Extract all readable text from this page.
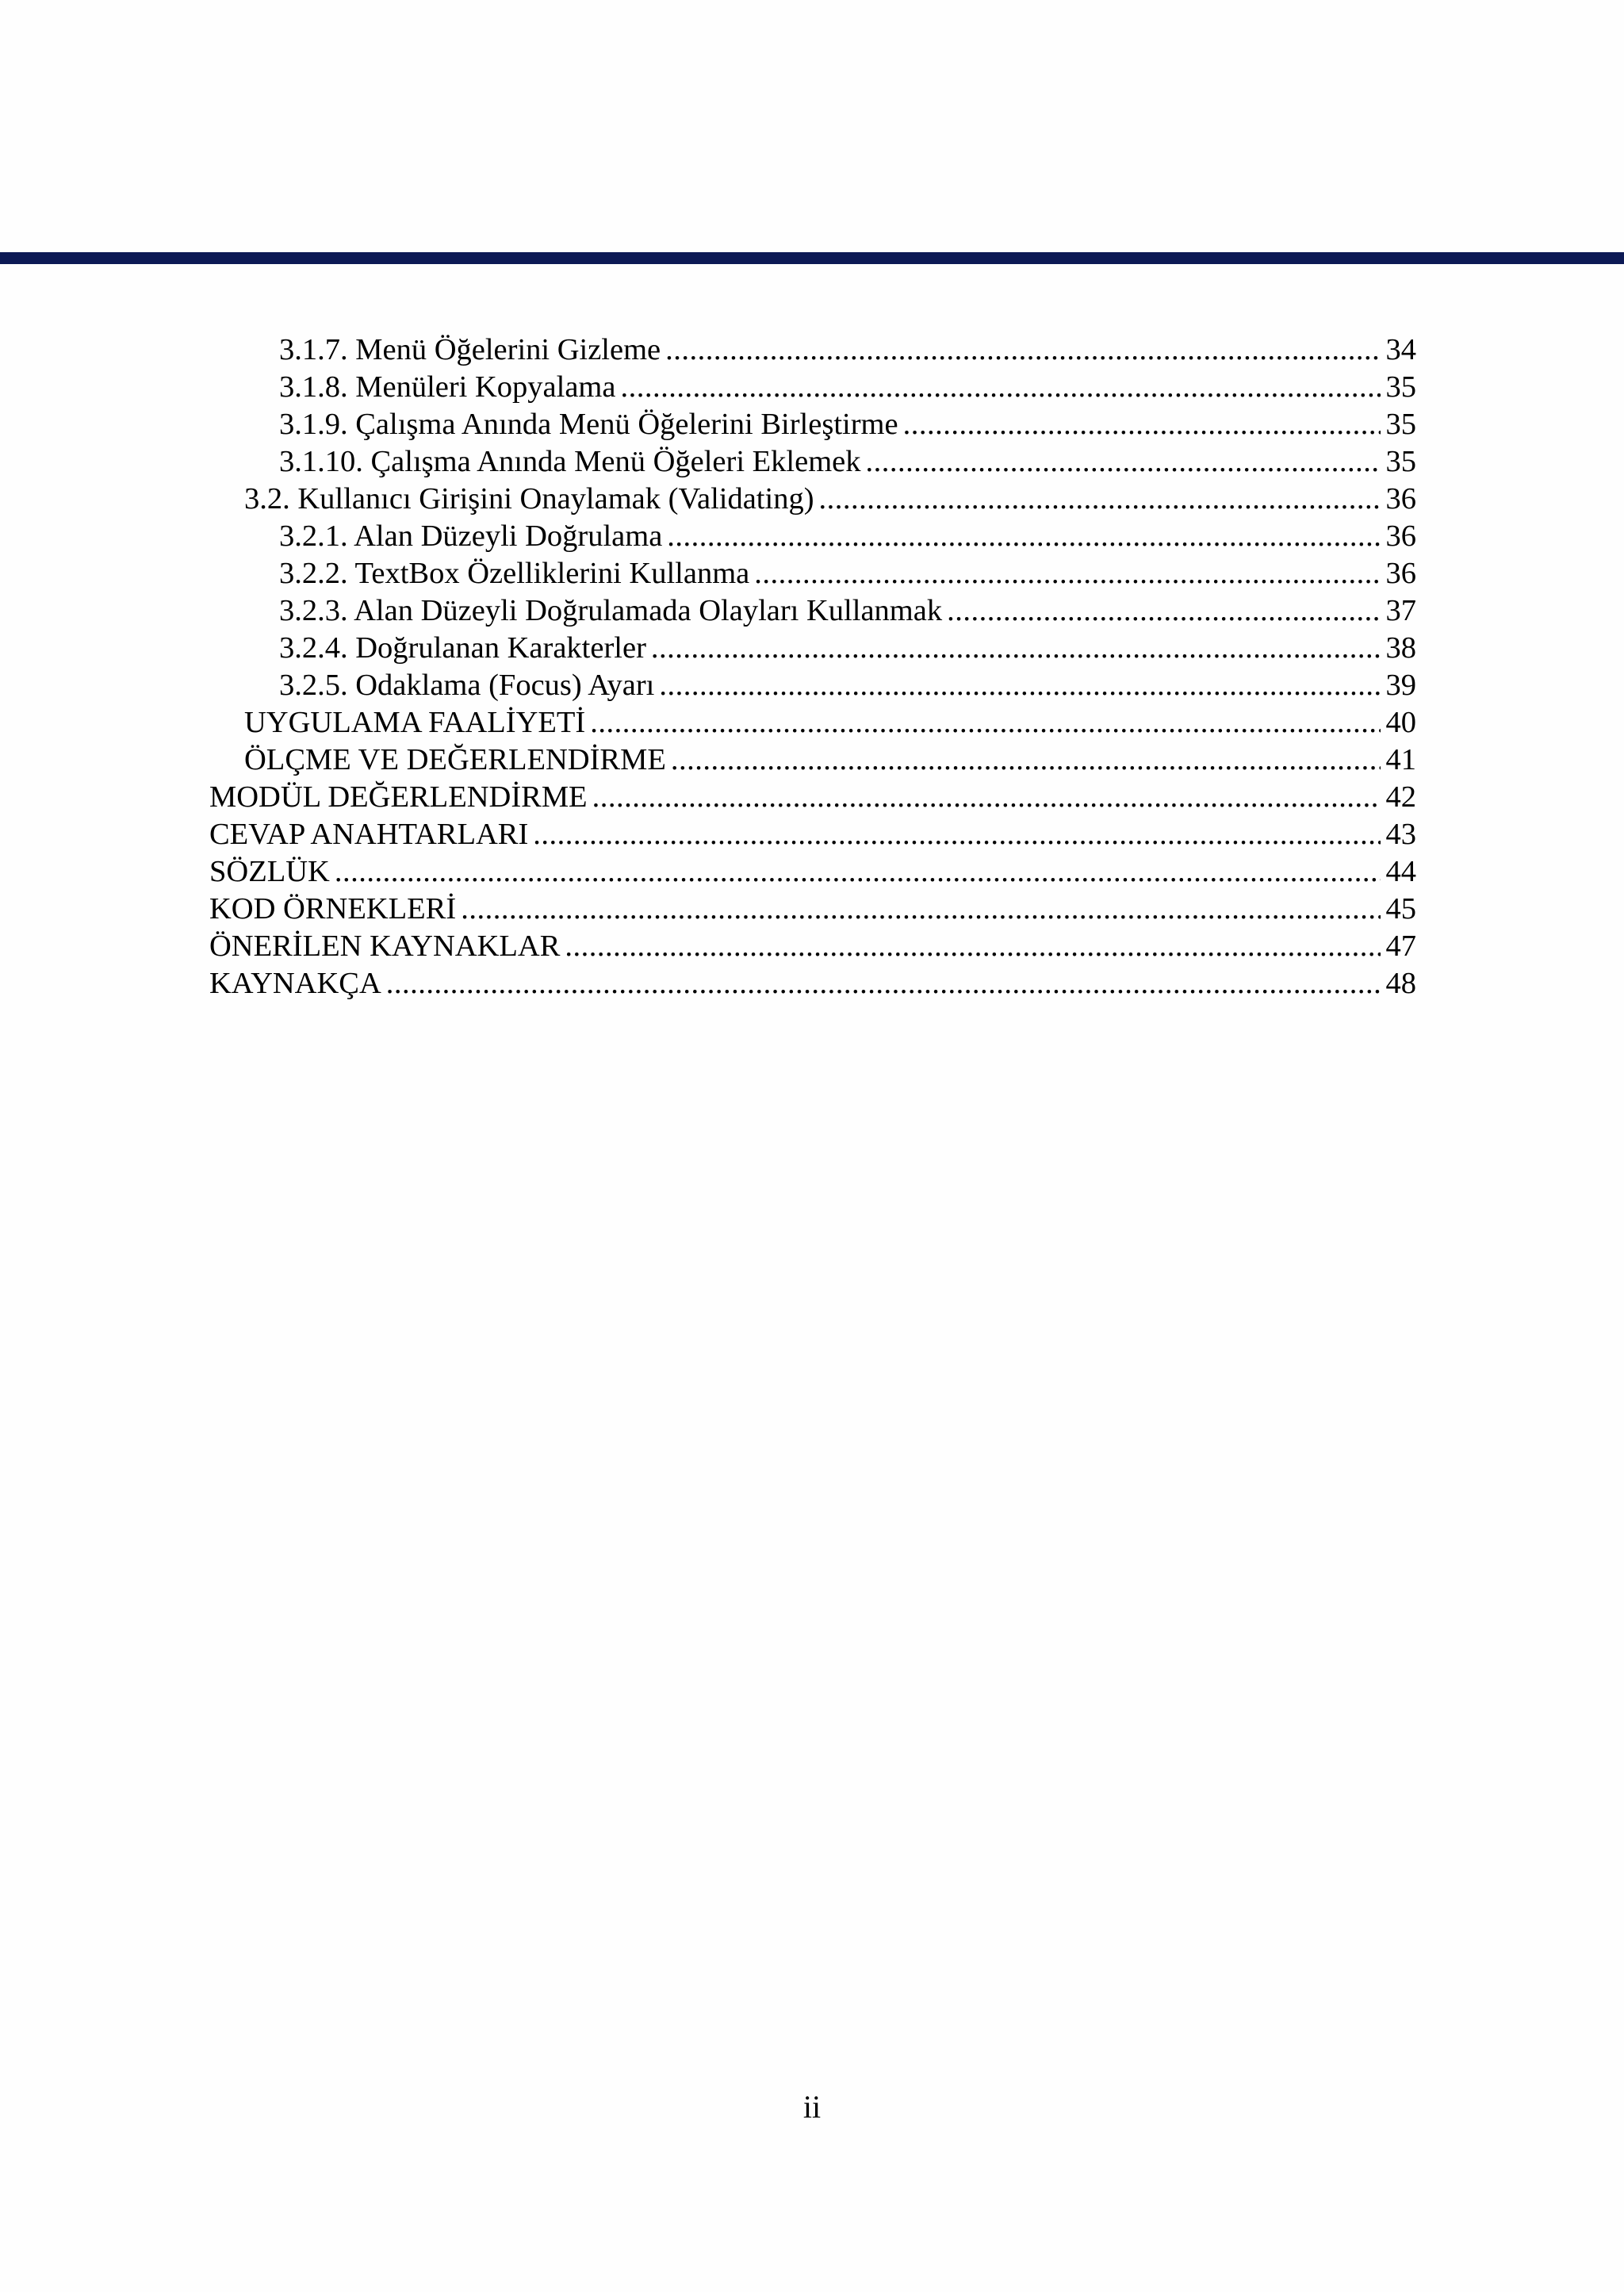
3.1.7. Menü Öğelerini Gizleme .....	34
3.1.8. Menüleri Kopyalama .....	35
3.1.9. Çalışma Anında Menü Öğelerini Birleştirme .....	35
3.1.10. Çalışma Anında Menü Öğeleri Eklemek .....	35
3.2. Kullanıcı Girişini Onaylamak (Validating) .....	36
3.2.1. Alan Düzeyli Doğrulama .....	36
3.2.2. TextBox Özelliklerini Kullanma .....	36
3.2.3. Alan Düzeyli Doğrulamada Olayları Kullanmak .....	37
3.2.4. Doğrulanan Karakterler .....	38
3.2.5. Odaklama (Focus) Ayarı .....	39
UYGULAMA FAALİYETİ .....	40
ÖLÇME VE DEĞERLENDİRME .....	41
MODÜL DEĞERLENDİRME .....	42
CEVAP ANAHTARLARI .....	43
SÖZLÜK .....	44
KOD ÖRNEKLERİ .....	45
ÖNERİLEN KAYNAKLAR .....	47
KAYNAKÇA .....	48
ii
